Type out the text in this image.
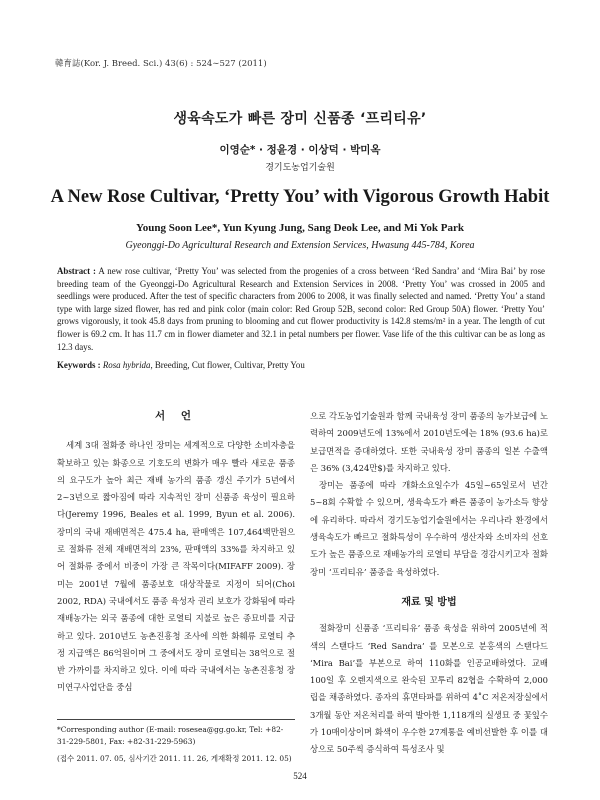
韓育誌(Kor. J. Breed. Sci.) 43(6) : 524∼527 (2011)
생육속도가 빠른 장미 신품종 ‘프리티유’
이영순* · 정윤경 · 이상덕 · 박미옥
경기도농업기술원
A New Rose Cultivar, ‘Pretty You’ with Vigorous Growth Habit
Young Soon Lee*, Yun Kyung Jung, Sang Deok Lee, and Mi Yok Park
Gyeonggi-Do Agricultural Research and Extension Services, Hwasung 445-784, Korea
Abstract : A new rose cultivar, ‘Pretty You’ was selected from the progenies of a cross between ‘Red Sandra’ and ‘Mira Bai’ by rose breeding team of the Gyeonggi-Do Agricultural Research and Extension Services in 2008. ‘Pretty You’ was crossed in 2005 and seedlings were produced. After the test of specific characters from 2006 to 2008, it was finally selected and named. ‘Pretty You’ a stand type with large sized flower, has red and pink color (main color: Red Group 52B, second color: Red Group 50A) flower. ‘Pretty You’ grows vigorously, it took 45.8 days from pruning to blooming and cut flower productivity is 142.8 stems/m² in a year. The length of cut flower is 69.2 cm. It has 11.7 cm in flower diameter and 32.1 in petal numbers per flower. Vase life of the this cultivar can be as long as 12.3 days.
Keywords : Rosa hybrida, Breeding, Cut flower, Cultivar, Pretty You
서 언

세계 3대 절화중 하나인 장미는 세계적으로 다양한 소비자층을 확보하고 있는 화종으로 기호도의 변화가 매우 빨라 새로운 품종의 요구도가 높아 최근 재배 농가의 품종 갱신 주기가 5년에서 2~3년으로 짧아짐에 따라 지속적인 장미 신품종 육성이 필요하다(Jeremy 1996, Beales et al. 1999, Byun et al. 2006). 장미의 국내 재배면적은 475.4 ha, 판매액은 107,464백만원으로 절화류 전체 재배면적의 23%, 판매액의 33%를 차지하고 있어 절화류 중에서 비중이 가장 큰 작목이다(MIFAFF 2009). 장미는 2001년 7월에 품종보호 대상작물로 지정이 되어(Choi 2002, RDA) 국내에서도 품종 육성자 권리 보호가 강화됨에 따라 재배농가는 외국 품종에 대한 로열티 지불로 높은 종묘비를 지급하고 있다. 2010년도 농촌진흥청 조사에 의한 화훼류 로열티 추정 지급액은 86억원이며 그 중에서도 장미 로열티는 38억으로 절반 가까이를 차지하고 있다. 이에 따라 국내에서는 농촌진흥청 장미연구사업단을 중심

으로 각도농업기술원과 함께 국내육성 장미 품종의 농가보급에 노력하여 2009년도에 13%에서 2010년도에는 18% (93.6 ha)로 보급면적을 증대하였다. 또한 국내육성 장미 품종의 일본 수출액은 36% (3,424만$)를 차지하고 있다.

장미는 품종에 따라 개화소요일수가 45일~65일로서 년간 5~8회 수확할 수 있으며, 생육속도가 빠른 품종이 농가소득 향상에 유리하다. 따라서 경기도농업기술원에서는 우리나라 환경에서 생육속도가 빠르고 절화특성이 우수하여 생산자와 소비자의 선호도가 높은 품종으로 재배농가의 로열티 부담을 경감시키고자 절화장미 ‘프리티유’ 품종을 육성하였다.

재료 및 방법

절화장미 신품종 ‘프리티유’ 품종 육성을 위하여 2005년에 적색의 스탠다드 ‘Red Sandra’ 를 모본으로 분홍색의 스탠다드 ‘Mira Bai’를 부본으로 하여 110화를 인공교배하였다. 교배 100일 후 오렌지색으로 완숙된 꼬투리 82협을 수확하여 2,000립을 채종하였다. 종자의 휴면타파를 위하여 4˚C 저온저장실에서 3개월 동안 저온처리를 하여 발아한 1,118개의 실생묘 중 꽃잎수가 10매이상이며 화색이 우수한 27계통을 예비선발한 후 이를 대상으로 50주씩 증식하여 특성조사 및

*Corresponding author (E-mail: rosesea@gg.go.kr, Tel: +82-31-229-5801, Fax: +82-31-229-5963)
(접수 2011. 07. 05, 심사기간 2011. 11. 26, 게재확정 2011. 12. 05)
524
